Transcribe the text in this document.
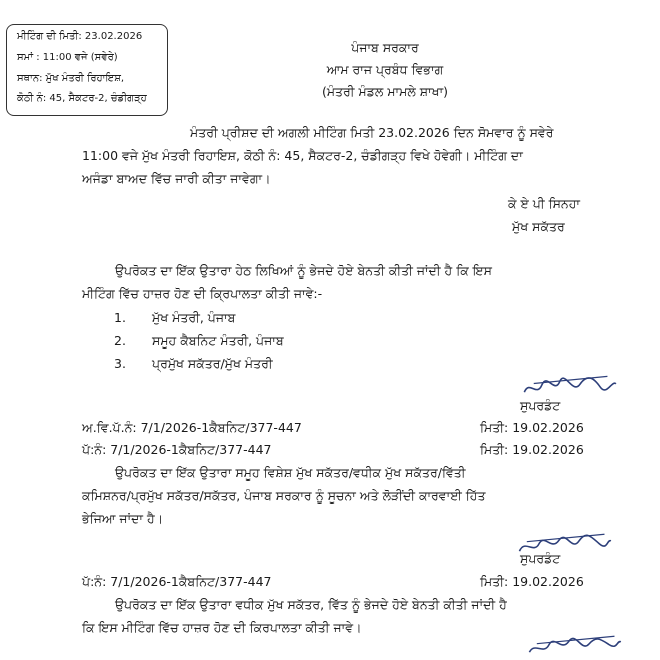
ਮੀਟਿੰਗ ਦੀ ਮਿਤੀ: 23.02.2026
ਸਮਾਂ : 11:00 ਵਜੇ (ਸਵੇਰੇ)
ਸਥਾਨ: ਮੁੱਖ ਮੰਤਰੀ ਰਿਹਾਇਸ਼,
ਕੋਠੀ ਨੰ: 45, ਸੈਕਟਰ-2, ਚੰਡੀਗੜ੍ਹ
ਪੰਜਾਬ ਸਰਕਾਰ
ਆਮ ਰਾਜ ਪ੍ਰਬੰਧ ਵਿਭਾਗ
(ਮੰਤਰੀ ਮੰਡਲ ਮਾਮਲੇ ਸ਼ਾਖਾ)
ਮੰਤਰੀ ਪ੍ਰੀਸ਼ਦ ਦੀ ਅਗਲੀ ਮੀਟਿੰਗ ਮਿਤੀ 23.02.2026 ਦਿਨ ਸੋਮਵਾਰ ਨੂੰ ਸਵੇਰੇ
11:00 ਵਜੇ ਮੁੱਖ ਮੰਤਰੀ ਰਿਹਾਇਸ਼, ਕੋਠੀ ਨੰ: 45, ਸੈਕਟਰ-2, ਚੰਡੀਗੜ੍ਹ ਵਿਖੇ ਹੋਵੇਗੀ। ਮੀਟਿੰਗ ਦਾ
ਅਜੰਡਾ ਬਾਅਦ ਵਿੱਚ ਜਾਰੀ ਕੀਤਾ ਜਾਵੇਗਾ।
ਕੇ ਏ ਪੀ ਸਿਨਹਾ
ਮੁੱਖ ਸਕੱਤਰ
ਉਪਰੋਕਤ ਦਾ ਇੱਕ ਉਤਾਰਾ ਹੇਠ ਲਿਖਿਆਂ ਨੂੰ ਭੇਜਦੇ ਹੋਏ ਬੇਨਤੀ ਕੀਤੀ ਜਾਂਦੀ ਹੈ ਕਿ ਇਸ
ਮੀਟਿੰਗ ਵਿੱਚ ਹਾਜ਼ਰ ਹੋਣ ਦੀ ਕ੍ਰਿਪਾਲਤਾ ਕੀਤੀ ਜਾਵੇ:-
1. ਮੁੱਖ ਮੰਤਰੀ, ਪੰਜਾਬ
2. ਸਮੂਹ ਕੈਬਨਿਟ ਮੰਤਰੀ, ਪੰਜਾਬ
3. ਪ੍ਰਮੁੱਖ ਸਕੱਤਰ/ਮੁੱਖ ਮੰਤਰੀ
ਸੁਪਰਡੰਟ
ਅ.ਵਿ.ਪੱ.ਨੰ: 7/1/2026-1ਕੈਬਨਿਟ/377-447	ਮਿਤੀ: 19.02.2026
ਪੱ:ਨੰ: 7/1/2026-1ਕੈਬਨਿਟ/377-447	ਮਿਤੀ: 19.02.2026
ਉਪਰੋਕਤ ਦਾ ਇੱਕ ਉਤਾਰਾ ਸਮੂਹ ਵਿਸ਼ੇਸ਼ ਮੁੱਖ ਸਕੱਤਰ/ਵਧੀਕ ਮੁੱਖ ਸਕੱਤਰ/ਵਿੱਤੀ
ਕਮਿਸ਼ਨਰ/ਪ੍ਰਮੁੱਖ ਸਕੱਤਰ/ਸਕੱਤਰ, ਪੰਜਾਬ ਸਰਕਾਰ ਨੂੰ ਸੂਚਨਾ ਅਤੇ ਲੋੜੀਂਦੀ ਕਾਰਵਾਈ ਹਿੱਤ
ਭੇਜਿਆ ਜਾਂਦਾ ਹੈ।
ਸੁਪਰਡੰਟ
ਪੱ:ਨੰ: 7/1/2026-1ਕੈਬਨਿਟ/377-447	ਮਿਤੀ: 19.02.2026
ਉਪਰੋਕਤ ਦਾ ਇੱਕ ਉਤਾਰਾ ਵਧੀਕ ਮੁੱਖ ਸਕੱਤਰ, ਵਿੱਤ ਨੂੰ ਭੇਜਦੇ ਹੋਏ ਬੇਨਤੀ ਕੀਤੀ ਜਾਂਦੀ ਹੈ
ਕਿ ਇਸ ਮੀਟਿੰਗ ਵਿੱਚ ਹਾਜ਼ਰ ਹੋਣ ਦੀ ਕਿਰਪਾਲਤਾ ਕੀਤੀ ਜਾਵੇ।
